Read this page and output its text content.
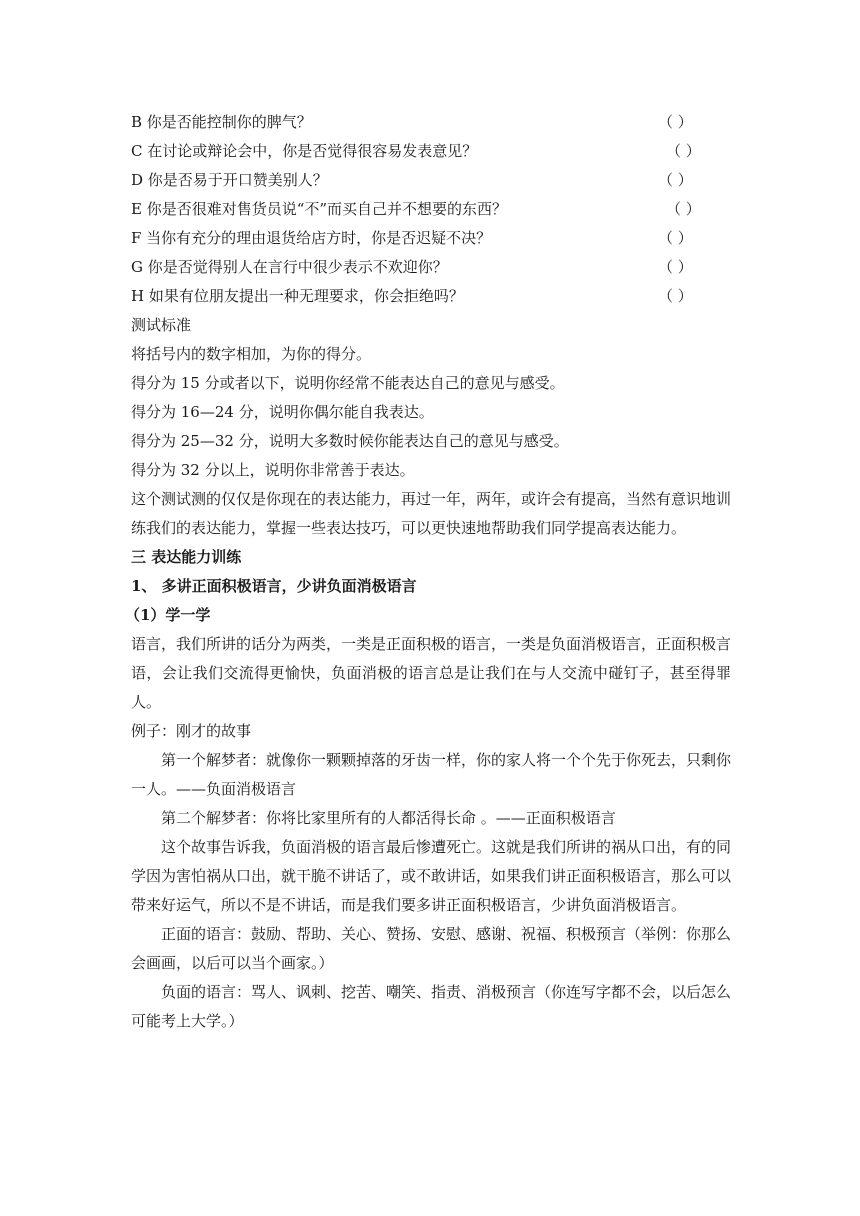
B 你是否能控制你的脾气？	（ ）
C 在讨论或辩论会中，你是否觉得很容易发表意见？	（ ）
D 你是否易于开口赞美别人？	（ ）
E 你是否很难对售货员说“不”而买自己并不想要的东西？	（ ）
F 当你有充分的理由退货给店方时，你是否迟疑不决？	（ ）
G 你是否觉得别人在言行中很少表示不欢迎你？	（ ）
H 如果有位朋友提出一种无理要求，你会拒绝吗？	（ ）
测试标准
将括号内的数字相加，为你的得分。
得分为 15 分或者以下，说明你经常不能表达自己的意见与感受。
得分为 16—24 分，说明你偶尔能自我表达。
得分为 25—32 分，说明大多数时候你能表达自己的意见与感受。
得分为 32 分以上，说明你非常善于表达。
这个测试测的仅仅是你现在的表达能力，再过一年，两年，或许会有提高，当然有意识地训练我们的表达能力，掌握一些表达技巧，可以更快速地帮助我们同学提高表达能力。
三 表达能力训练
1、 多讲正面积极语言，少讲负面消极语言
（1）学一学
语言，我们所讲的话分为两类，一类是正面积极的语言，一类是负面消极语言，正面积极言语，会让我们交流得更愉快，负面消极的语言总是让我们在与人交流中碰钉子，甚至得罪人。
例子：刚才的故事
第一个解梦者：就像你一颗颗掉落的牙齿一样，你的家人将一个个先于你死去，只剩你一人。——负面消极语言
第二个解梦者：你将比家里所有的人都活得长命 。——正面积极语言
这个故事告诉我，负面消极的语言最后惨遭死亡。这就是我们所讲的祸从口出，有的同学因为害怕祸从口出，就干脆不讲话了，或不敢讲话，如果我们讲正面积极语言，那么可以带来好运气，所以不是不讲话，而是我们要多讲正面积极语言，少讲负面消极语言。
正面的语言：鼓励、帮助、关心、赞扬、安慰、感谢、祝福、积极预言（举例：你那么会画画，以后可以当个画家。）
负面的语言：骂人、讽刺、挖苦、嘲笑、指责、消极预言（你连写字都不会，以后怎么可能考上大学。）
